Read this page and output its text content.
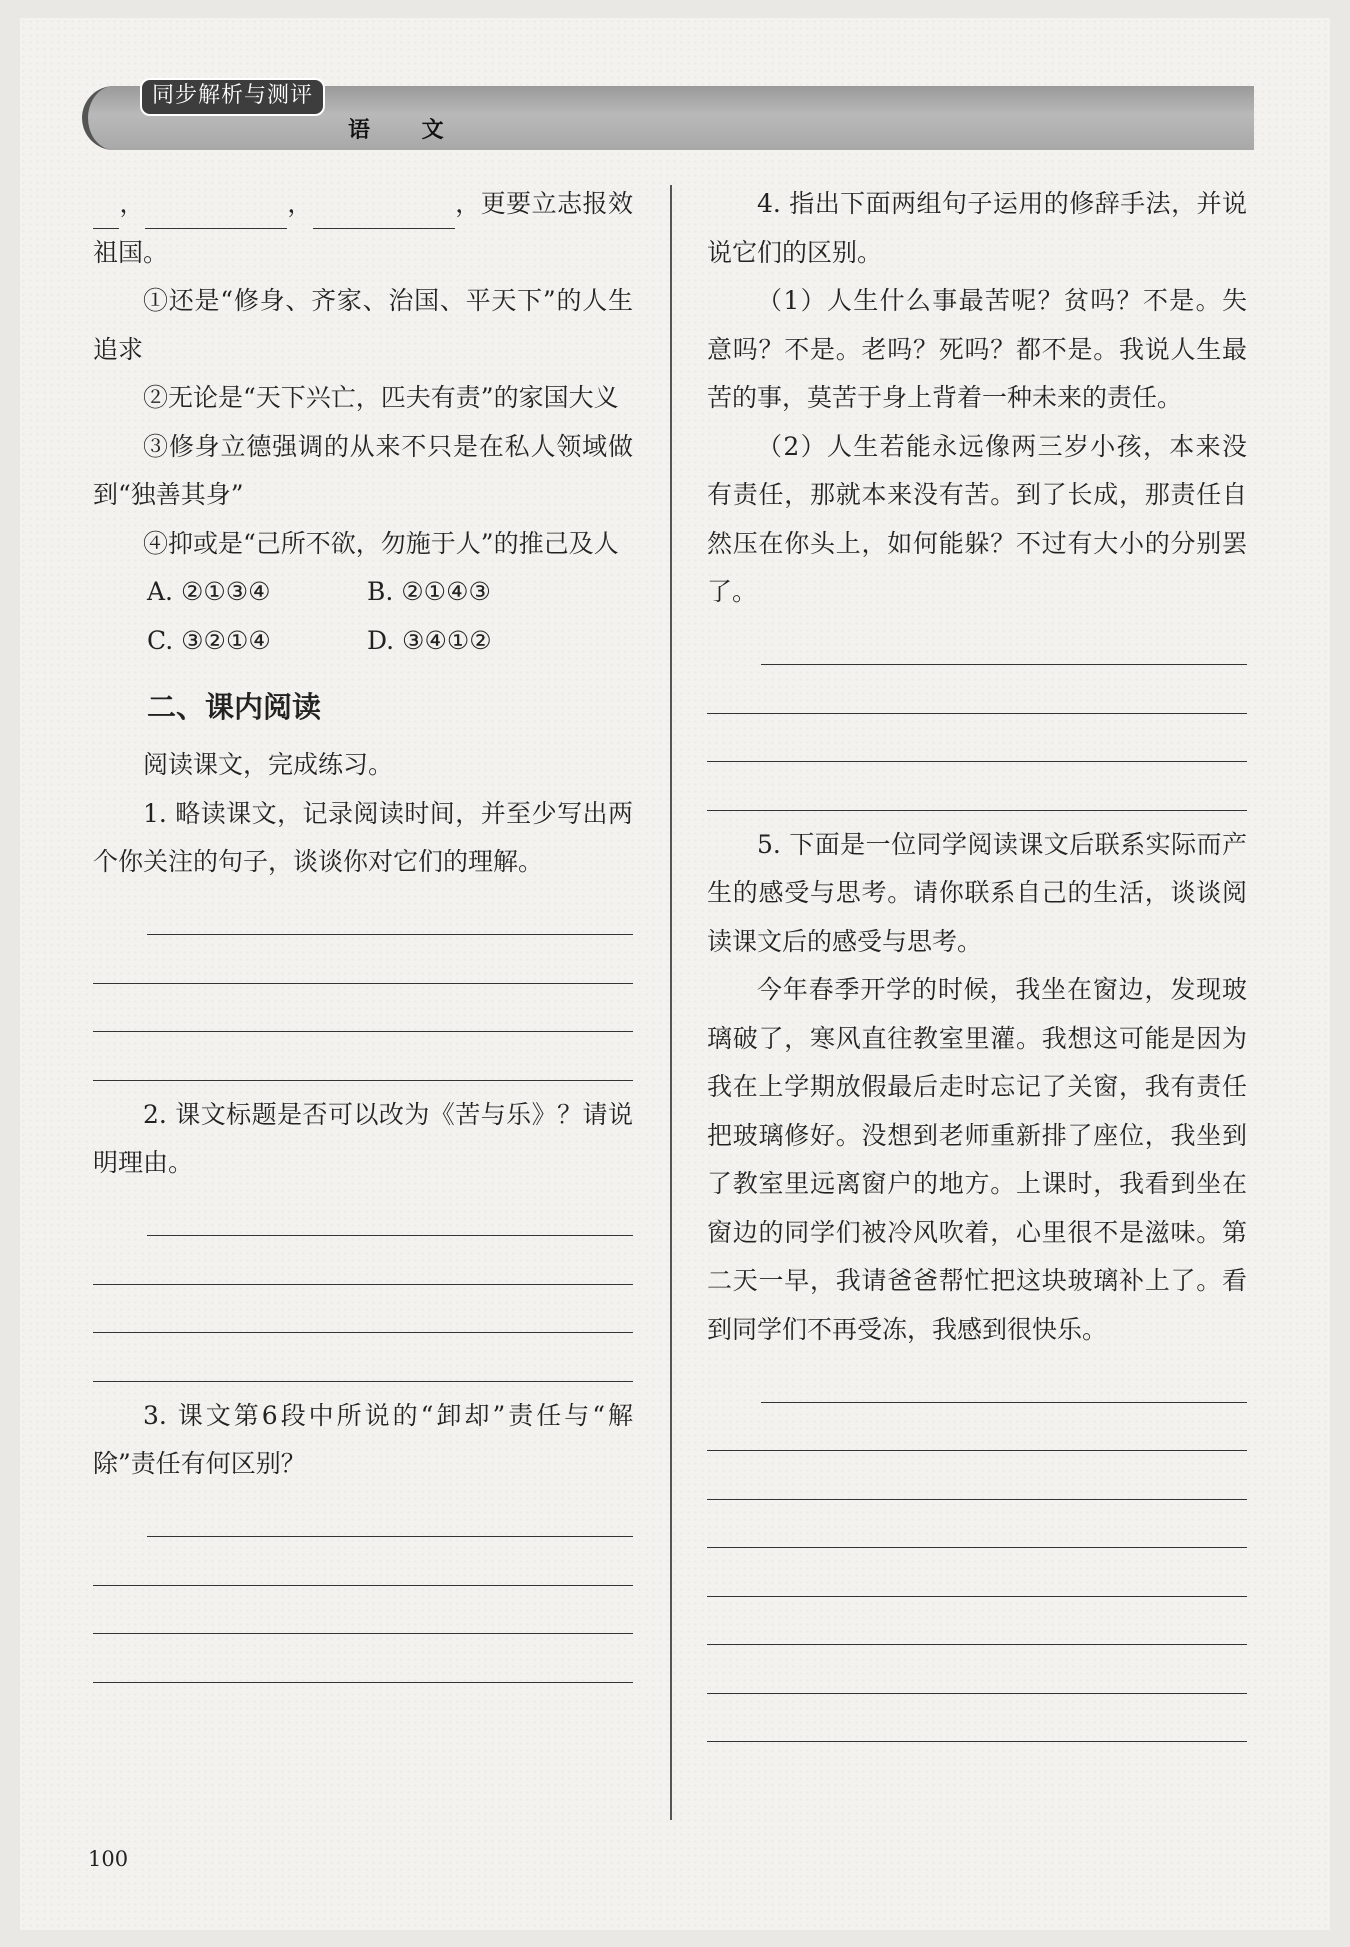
同步解析与测评
语 文

，	，	，更要立志报效祖国。

①还是“修身、齐家、治国、平天下”的人生追求

②无论是“天下兴亡，匹夫有责”的家国大义

③修身立德强调的从来不只是在私人领域做到“独善其身”

④抑或是“己所不欲，勿施于人”的推己及人

A. ②①③④	B. ②①④③
C. ③②①④	D. ③④①②
二、课内阅读

阅读课文，完成练习。

1. 略读课文，记录阅读时间，并至少写出两个你关注的句子，谈谈你对它们的理解。

2. 课文标题是否可以改为《苦与乐》？请说明理由。

3. 课文第6段中所说的“卸却”责任与“解除”责任有何区别？

4. 指出下面两组句子运用的修辞手法，并说说它们的区别。

（1）人生什么事最苦呢？贫吗？不是。失意吗？不是。老吗？死吗？都不是。我说人生最苦的事，莫苦于身上背着一种未来的责任。

（2）人生若能永远像两三岁小孩，本来没有责任，那就本来没有苦。到了长成，那责任自然压在你头上，如何能躲？不过有大小的分别罢了。

5. 下面是一位同学阅读课文后联系实际而产生的感受与思考。请你联系自己的生活，谈谈阅读课文后的感受与思考。

今年春季开学的时候，我坐在窗边，发现玻璃破了，寒风直往教室里灌。我想这可能是因为我在上学期放假最后走时忘记了关窗，我有责任把玻璃修好。没想到老师重新排了座位，我坐到了教室里远离窗户的地方。上课时，我看到坐在窗边的同学们被冷风吹着，心里很不是滋味。第二天一早，我请爸爸帮忙把这块玻璃补上了。看到同学们不再受冻，我感到很快乐。

100
